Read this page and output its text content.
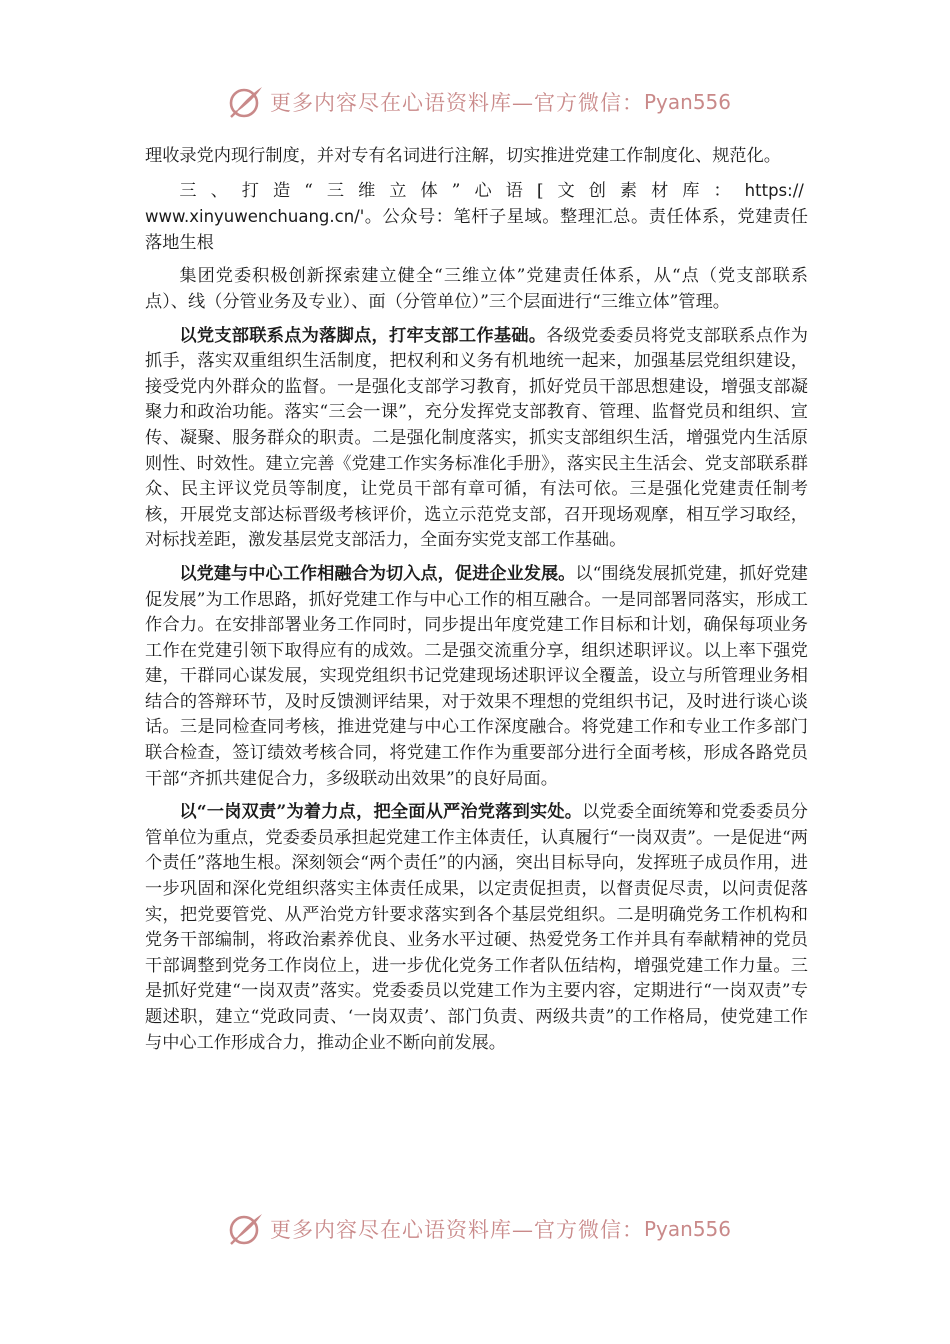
更多内容尽在心语资料库—官方微信： Pyan556

理收录党内现行制度，并对专有名词进行注解，切实推进党建工作制度化、规范化。

三、打造“三维立体”心语[文创素材库：https://
www.xinyuwenchuang.cn/'。公众号：笔杆子星域。整理汇总。责任体系，党建责任落地生根

集团党委积极创新探索建立健全“三维立体”党建责任体系，从“点（党支部联系点）、线（分管业务及专业）、面（分管单位）”三个层面进行“三维立体”管理。

以党支部联系点为落脚点，打牢支部工作基础。各级党委委员将党支部联系点作为抓手，落实双重组织生活制度，把权利和义务有机地统一起来，加强基层党组织建设，接受党内外群众的监督。一是强化支部学习教育，抓好党员干部思想建设，增强支部凝聚力和政治功能。落实“三会一课”，充分发挥党支部教育、管理、监督党员和组织、宣传、凝聚、服务群众的职责。二是强化制度落实，抓实支部组织生活，增强党内生活原则性、时效性。建立完善《党建工作实务标准化手册》，落实民主生活会、党支部联系群众、民主评议党员等制度，让党员干部有章可循，有法可依。三是强化党建责任制考核，开展党支部达标晋级考核评价，选立示范党支部，召开现场观摩，相互学习取经，对标找差距，激发基层党支部活力，全面夯实党支部工作基础。

以党建与中心工作相融合为切入点，促进企业发展。以“围绕发展抓党建，抓好党建促发展”为工作思路，抓好党建工作与中心工作的相互融合。一是同部署同落实，形成工作合力。在安排部署业务工作同时，同步提出年度党建工作目标和计划，确保每项业务工作在党建引领下取得应有的成效。二是强交流重分享，组织述职评议。以上率下强党建，干群同心谋发展，实现党组织书记党建现场述职评议全覆盖，设立与所管理业务相结合的答辩环节，及时反馈测评结果，对于效果不理想的党组织书记，及时进行谈心谈话。三是同检查同考核，推进党建与中心工作深度融合。将党建工作和专业工作多部门联合检查，签订绩效考核合同，将党建工作作为重要部分进行全面考核，形成各路党员干部“齐抓共建促合力，多级联动出效果”的良好局面。

以“一岗双责”为着力点，把全面从严治党落到实处。以党委全面统筹和党委委员分管单位为重点，党委委员承担起党建工作主体责任，认真履行“一岗双责”。一是促进“两个责任”落地生根。深刻领会“两个责任”的内涵，突出目标导向，发挥班子成员作用，进一步巩固和深化党组织落实主体责任成果，以定责促担责，以督责促尽责，以问责促落实，把党要管党、从严治党方针要求落实到各个基层党组织。二是明确党务工作机构和党务干部编制，将政治素养优良、业务水平过硬、热爱党务工作并具有奉献精神的党员干部调整到党务工作岗位上，进一步优化党务工作者队伍结构，增强党建工作力量。三是抓好党建“一岗双责”落实。党委委员以党建工作为主要内容，定期进行“一岗双责”专题述职，建立“党政同责、‘一岗双责’、部门负责、两级共责”的工作格局，使党建工作与中心工作形成合力，推动企业不断向前发展。

更多内容尽在心语资料库—官方微信： Pyan556
